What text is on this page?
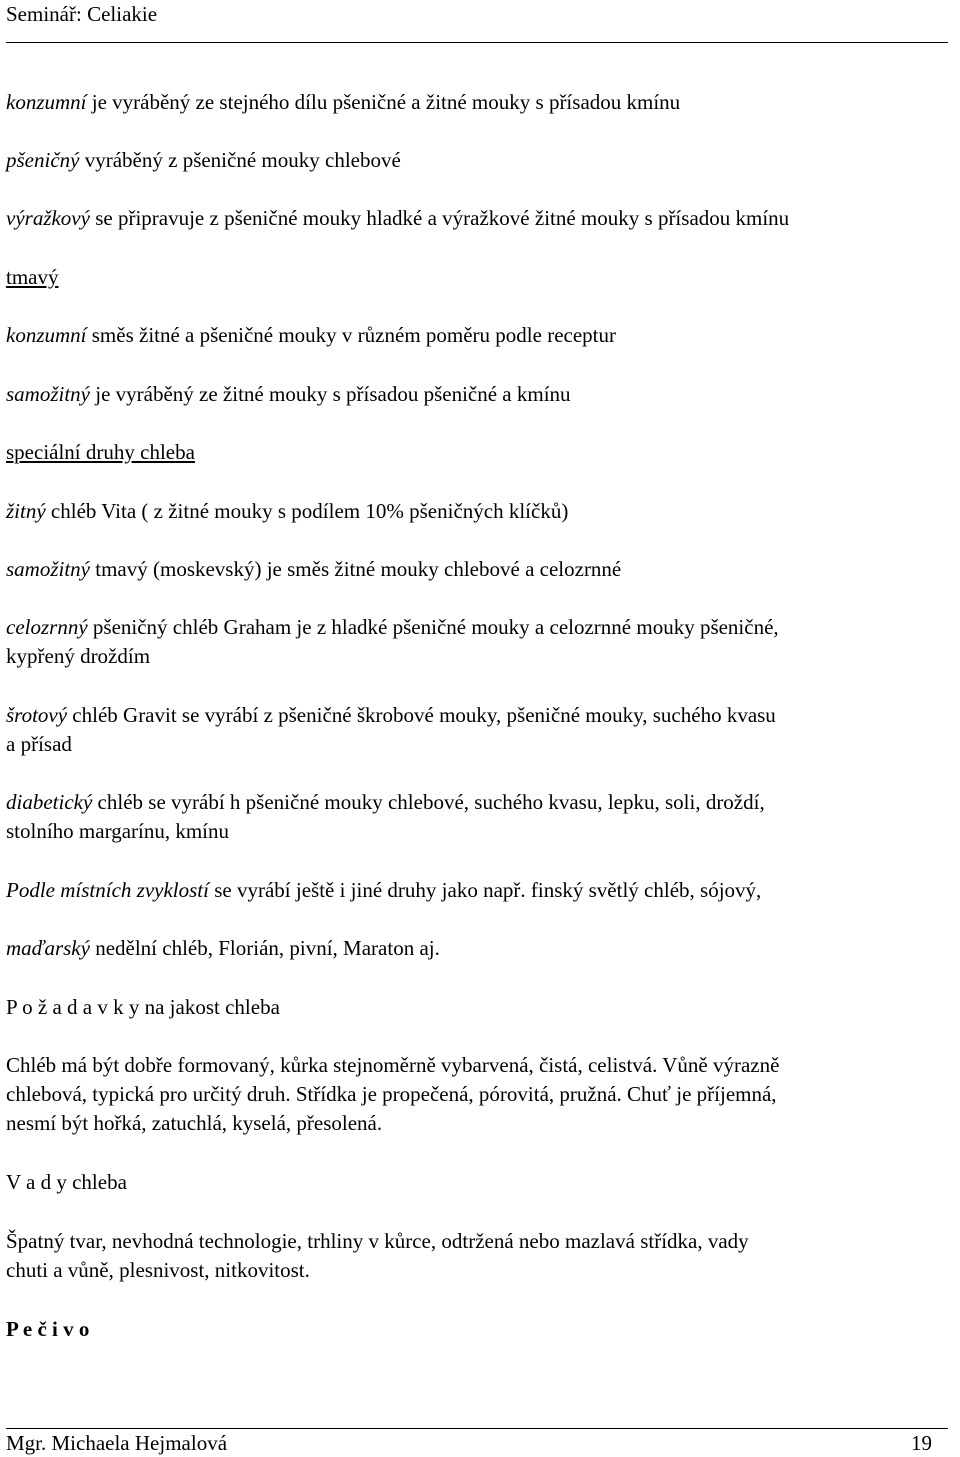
Seminář: Celiakie
konzumní je vyráběný ze stejného dílu pšeničné a žitné mouky s přísadou kmínu
pšeničný vyráběný z pšeničné mouky chlebové
výražkový se připravuje z pšeničné mouky hladké a výražkové žitné mouky s přísadou kmínu
tmavý
konzumní směs žitné a pšeničné mouky v různém poměru podle receptur
samožitný je vyráběný ze žitné mouky s přísadou pšeničné a kmínu
speciální druhy chleba
žitný chléb Vita ( z žitné mouky s podílem 10% pšeničných klíčků)
samožitný tmavý (moskevský) je směs žitné mouky chlebové a celozrnné
celozrnný pšeničný chléb Graham je z hladké pšeničné mouky a celozrnné mouky pšeničné,
kypřený droždím
šrotový chléb Gravit se vyrábí z pšeničné škrobové mouky, pšeničné mouky, suchého kvasu
a přísad
diabetický chléb se vyrábí h pšeničné mouky chlebové, suchého kvasu, lepku, soli, droždí,
stolního margarínu, kmínu
Podle místních zvyklostí se vyrábí ještě i jiné druhy jako např. finský světlý chléb, sójový,
maďarský nedělní chléb, Florián, pivní, Maraton aj.
P o ž a d a v k y na jakost chleba
Chléb má být dobře formovaný, kůrka stejnoměrně vybarvená, čistá, celistvá. Vůně výrazně
chlebová, typická pro určitý druh. Střídka je propečená, pórovitá, pružná. Chuť je příjemná,
nesmí být hořká, zatuchlá, kyselá, přesolená.
V a d y chleba
Špatný tvar, nevhodná technologie, trhliny v kůrce, odtržená nebo mazlavá střídka, vady
chuti a vůně, plesnivost, nitkovitost.
P e č i v o
Mgr. Michaela Hejmalová	19
